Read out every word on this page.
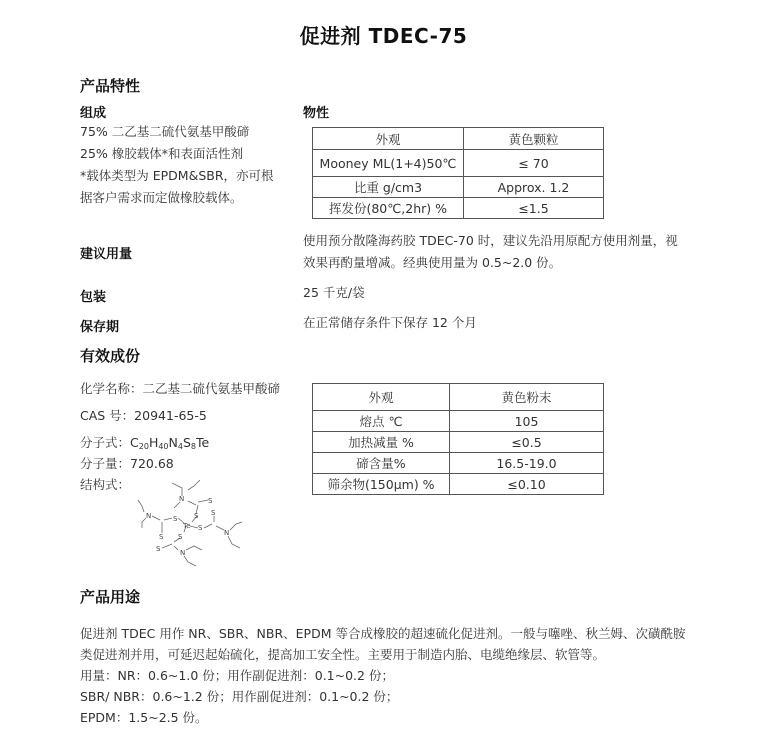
促进剂 TDEC-75
产品特性
组成
75% 二乙基二硫代氨基甲酸碲
25% 橡胶载体*和表面活性剂
*载体类型为 EPDM&SBR，亦可根
据客户需求而定做橡胶载体。
物性
外观	黄色颗粒
Mooney ML(1+4)50℃	≤ 70
比重 g/cm3	Approx. 1.2
挥发份(80℃,2hr) %	≤1.5
建议用量
使用预分散隆海药胶 TDEC-70 时，建议先沿用原配方使用剂量，视
效果再酌量增减。经典使用量为 0.5~2.0 份。
包装	25 千克/袋
保存期	在正常储存条件下保存 12 个月
有效成份
化学名称：二乙基二硫代氨基甲酸碲
CAS 号：20941-65-5
分子式：$C_{20}H_{40}N_4S_8Te$
分子量：720.68
结构式：
N	S
S
N
S
S
Te S
S
N
S
S	N
外观	黄色粉末
熔点 ℃	105
加热减量 %	≤0.5
碲含量%	16.5-19.0
筛余物(150μm) %	≤0.10
产品用途
促进剂 TDEC 用作 NR、SBR、NBR、EPDM 等合成橡胶的超速硫化促进剂。一般与噻唑、秋兰姆、次磺酰胺
类促进剂并用，可延迟起始硫化，提高加工安全性。主要用于制造内胎、电缆绝缘层、软管等。
用量：NR：0.6~1.0 份；用作副促进剂：0.1~0.2 份；
SBR/ NBR：0.6~1.2 份；用作副促进剂：0.1~0.2 份；
EPDM：1.5~2.5 份。
